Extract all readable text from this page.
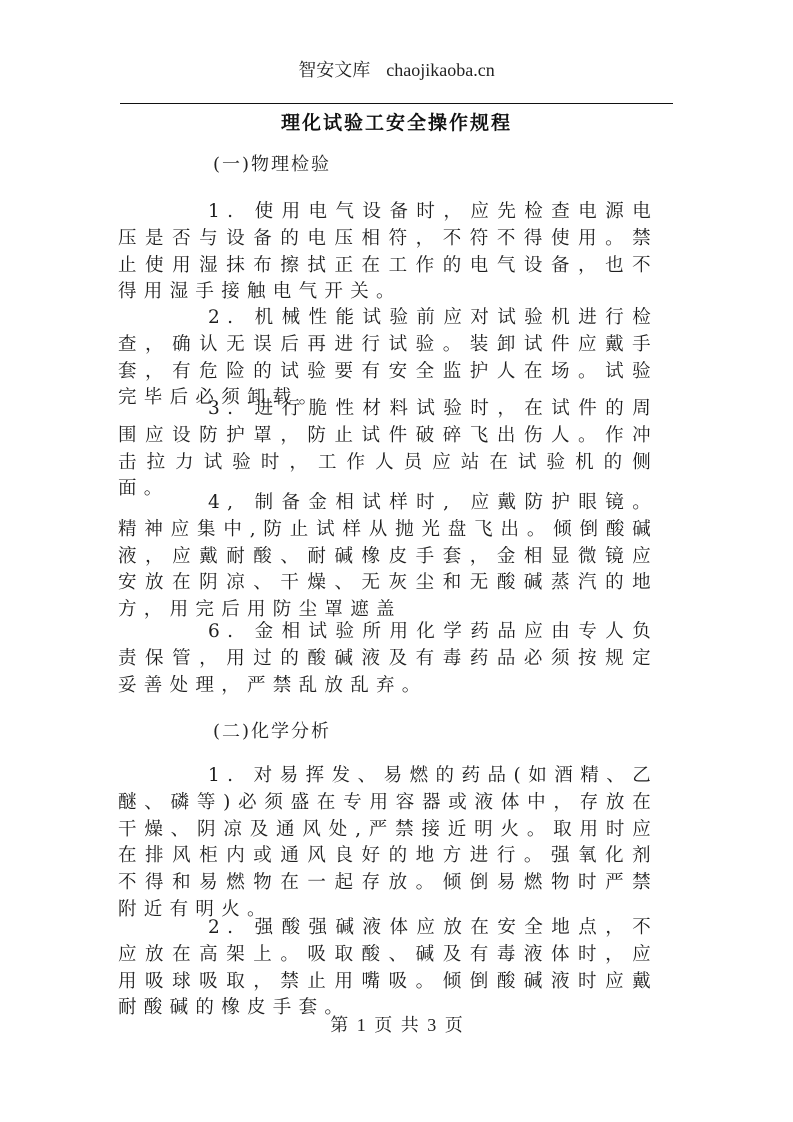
智安文库 chaojikaoba.cn
理化试验工安全操作规程
(一)物理检验
1. 使用电气设备时，应先检查电源电压是否与设备的电压相符，不符不得使用。禁止使用湿抹布擦拭正在工作的电气设备，也不得用湿手接触电气开关。
2. 机械性能试验前应对试验机进行检查，确认无误后再进行试验。装卸试件应戴手套，有危险的试验要有安全监护人在场。试验完毕后必须卸载。
3. 进行脆性材料试验时，在试件的周围应设防护罩，防止试件破碎飞出伤人。作冲击拉力试验时，工作人员应站在试验机的侧面。
4, 制备金相试样时, 应戴防护眼镜。精神应集中,防止试样从抛光盘飞出。倾倒酸碱液，应戴耐酸、耐碱橡皮手套，金相显微镜应安放在阴凉、干燥、无灰尘和无酸碱蒸汽的地方，用完后用防尘罩遮盖
6. 金相试验所用化学药品应由专人负责保管，用过的酸碱液及有毒药品必须按规定妥善处理，严禁乱放乱弃。
(二)化学分析
1. 对易挥发、易燃的药品(如酒精、乙醚、磷等)必须盛在专用容器或液体中，存放在干燥、阴凉及通风处,严禁接近明火。取用时应在排风柜内或通风良好的地方进行。强氧化剂不得和易燃物在一起存放。倾倒易燃物时严禁附近有明火。
2. 强酸强碱液体应放在安全地点，不应放在高架上。吸取酸、碱及有毒液体时，应用吸球吸取，禁止用嘴吸。倾倒酸碱液时应戴耐酸碱的橡皮手套。
第 1 页 共 3 页
